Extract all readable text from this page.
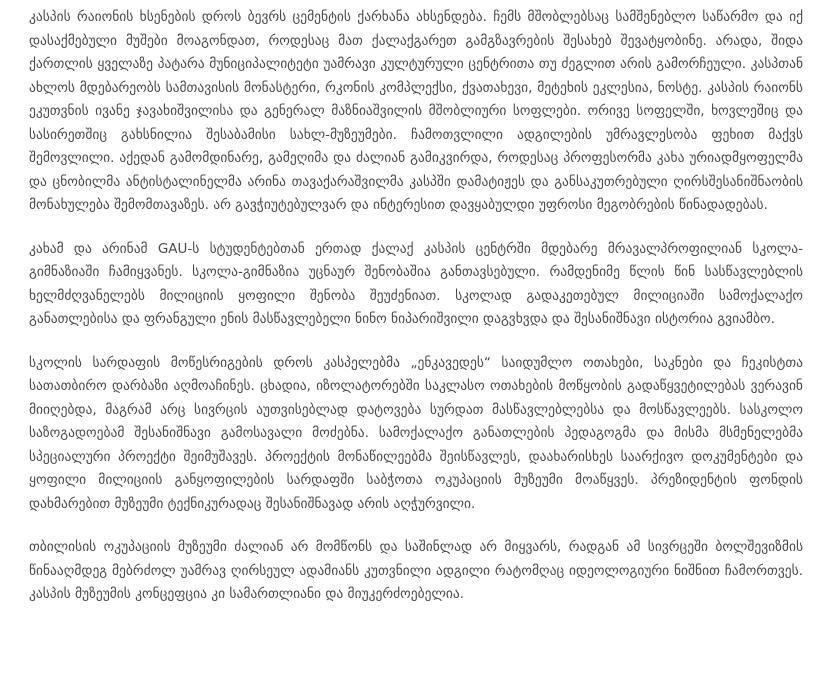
კასპის რაიონის ხსენების დროს ბევრს ცემენტის ქარხანა ახსენდება. ჩემს მშობლებსაც სამშენებლო საწარმო და იქ დასაქმებული მუშები მოაგონდათ, როდესაც მათ ქალაქგარეთ გამგზავრების შესახებ შევატყობინე. არადა, შიდა ქართლის ყველაზე პატარა მუნიციპალიტეტი უამრავი კულტურული ცენტრითა თუ ძეგლით არის გამორჩეული. კასპთან ახლოს მდებარეობს სამთავისის მონასტერი, რკონის კომპლექსი, ქვათახევი, მეტეხის ეკლესია, ნოსტე. კასპის რაიონს ეკუთვნის ივანე ჯავახიშვილისა და გენერალ მაზნიაშვილის მშობლიური სოფლები. ორივე სოფელში, ხოვლეშიც და სასირეთშიც გახსნილია შესაბამისი სახლ-მუზეუმები. ჩამოთვლილი ადგილების უმრავლესობა ფეხით მაქვს შემოვლილი. აქედან გამომდინარე, გამეღიმა და ძალიან გამიკვირდა, როდესაც პროფესორმა კახა ურიადმყოფელმა და ცნობილმა ანტისტალინელმა არინა თავაქარაშვილმა კასპში დამატიჟეს და განსაკუთრებული ღირსშესანიშნაობის მონახულება შემომთავაზეს. არ გავჭიუტებულვარ და ინტერესით დავყაბულდი უფროსი მეგობრების წინადადებას.

კახამ და არინამ GAU-ს სტუდენტებთან ერთად ქალაქ კასპის ცენტრში მდებარე მრავალპროფილიან სკოლა-გიმნაზიაში ჩამიყვანეს. სკოლა-გიმნაზია უცნაურ შენობაშია განთავსებული. რამდენიმე წლის წინ სასწავლებლის ხელმძღვანელებს მილიციის ყოფილი შენობა შეუძენიათ. სკოლად გადაკეთებულ მილიციაში სამოქალაქო განათლებისა და ფრანგული ენის მასწავლებელი ნინო ნიპარიშვილი დაგვხვდა და შესანიშნავი ისტორია გვიამბო.

სკოლის სარდაფის მოწესრიგების დროს კასპელებმა „ენკავედეს“ საიდუმლო ოთახები, საკნები და ჩეკისტთა სათათბირო დარბაზი აღმოაჩინეს. ცხადია, იზოლატორებში საკლასო ოთახების მოწყობის გადაწყვეტილებას ვერავინ მიიღებდა, მაგრამ არც სივრცის აუთვისებლად დატოვება სურდათ მასწავლებლებსა და მოსწავლეებს. სასკოლო საზოგადოებამ შესანიშნავი გამოსავალი მოძებნა. სამოქალაქო განათლების პედაგოგმა და მისმა მსმენელებმა სპეციალური პროექტი შეიმუშავეს. პროექტის მონაწილეებმა შეისწავლეს, დაახარისხეს საარქივო დოკუმენტები და ყოფილი მილიციის განყოფილების სარდაფში საბჭოთა ოკუპაციის მუზეუმი მოაწყვეს. პრეზიდენტის ფონდის დახმარებით მუზეუმი ტექნიკურადაც შესანიშნავად არის აღჭურვილი.

თბილისის ოკუპაციის მუზეუმი ძალიან არ მომწონს და საშინლად არ მიყვარს, რადგან ამ სივრცეში ბოლშევიზმის წინააღმდეგ მებრძოლ უამრავ ღირსეულ ადამიანს კუთვნილი ადგილი რატომღაც იდეოლოგიური ნიშნით ჩამორთვეს. კასპის მუზეუმის კონცეფცია კი სამართლიანი და მიუკერძოებელია.
